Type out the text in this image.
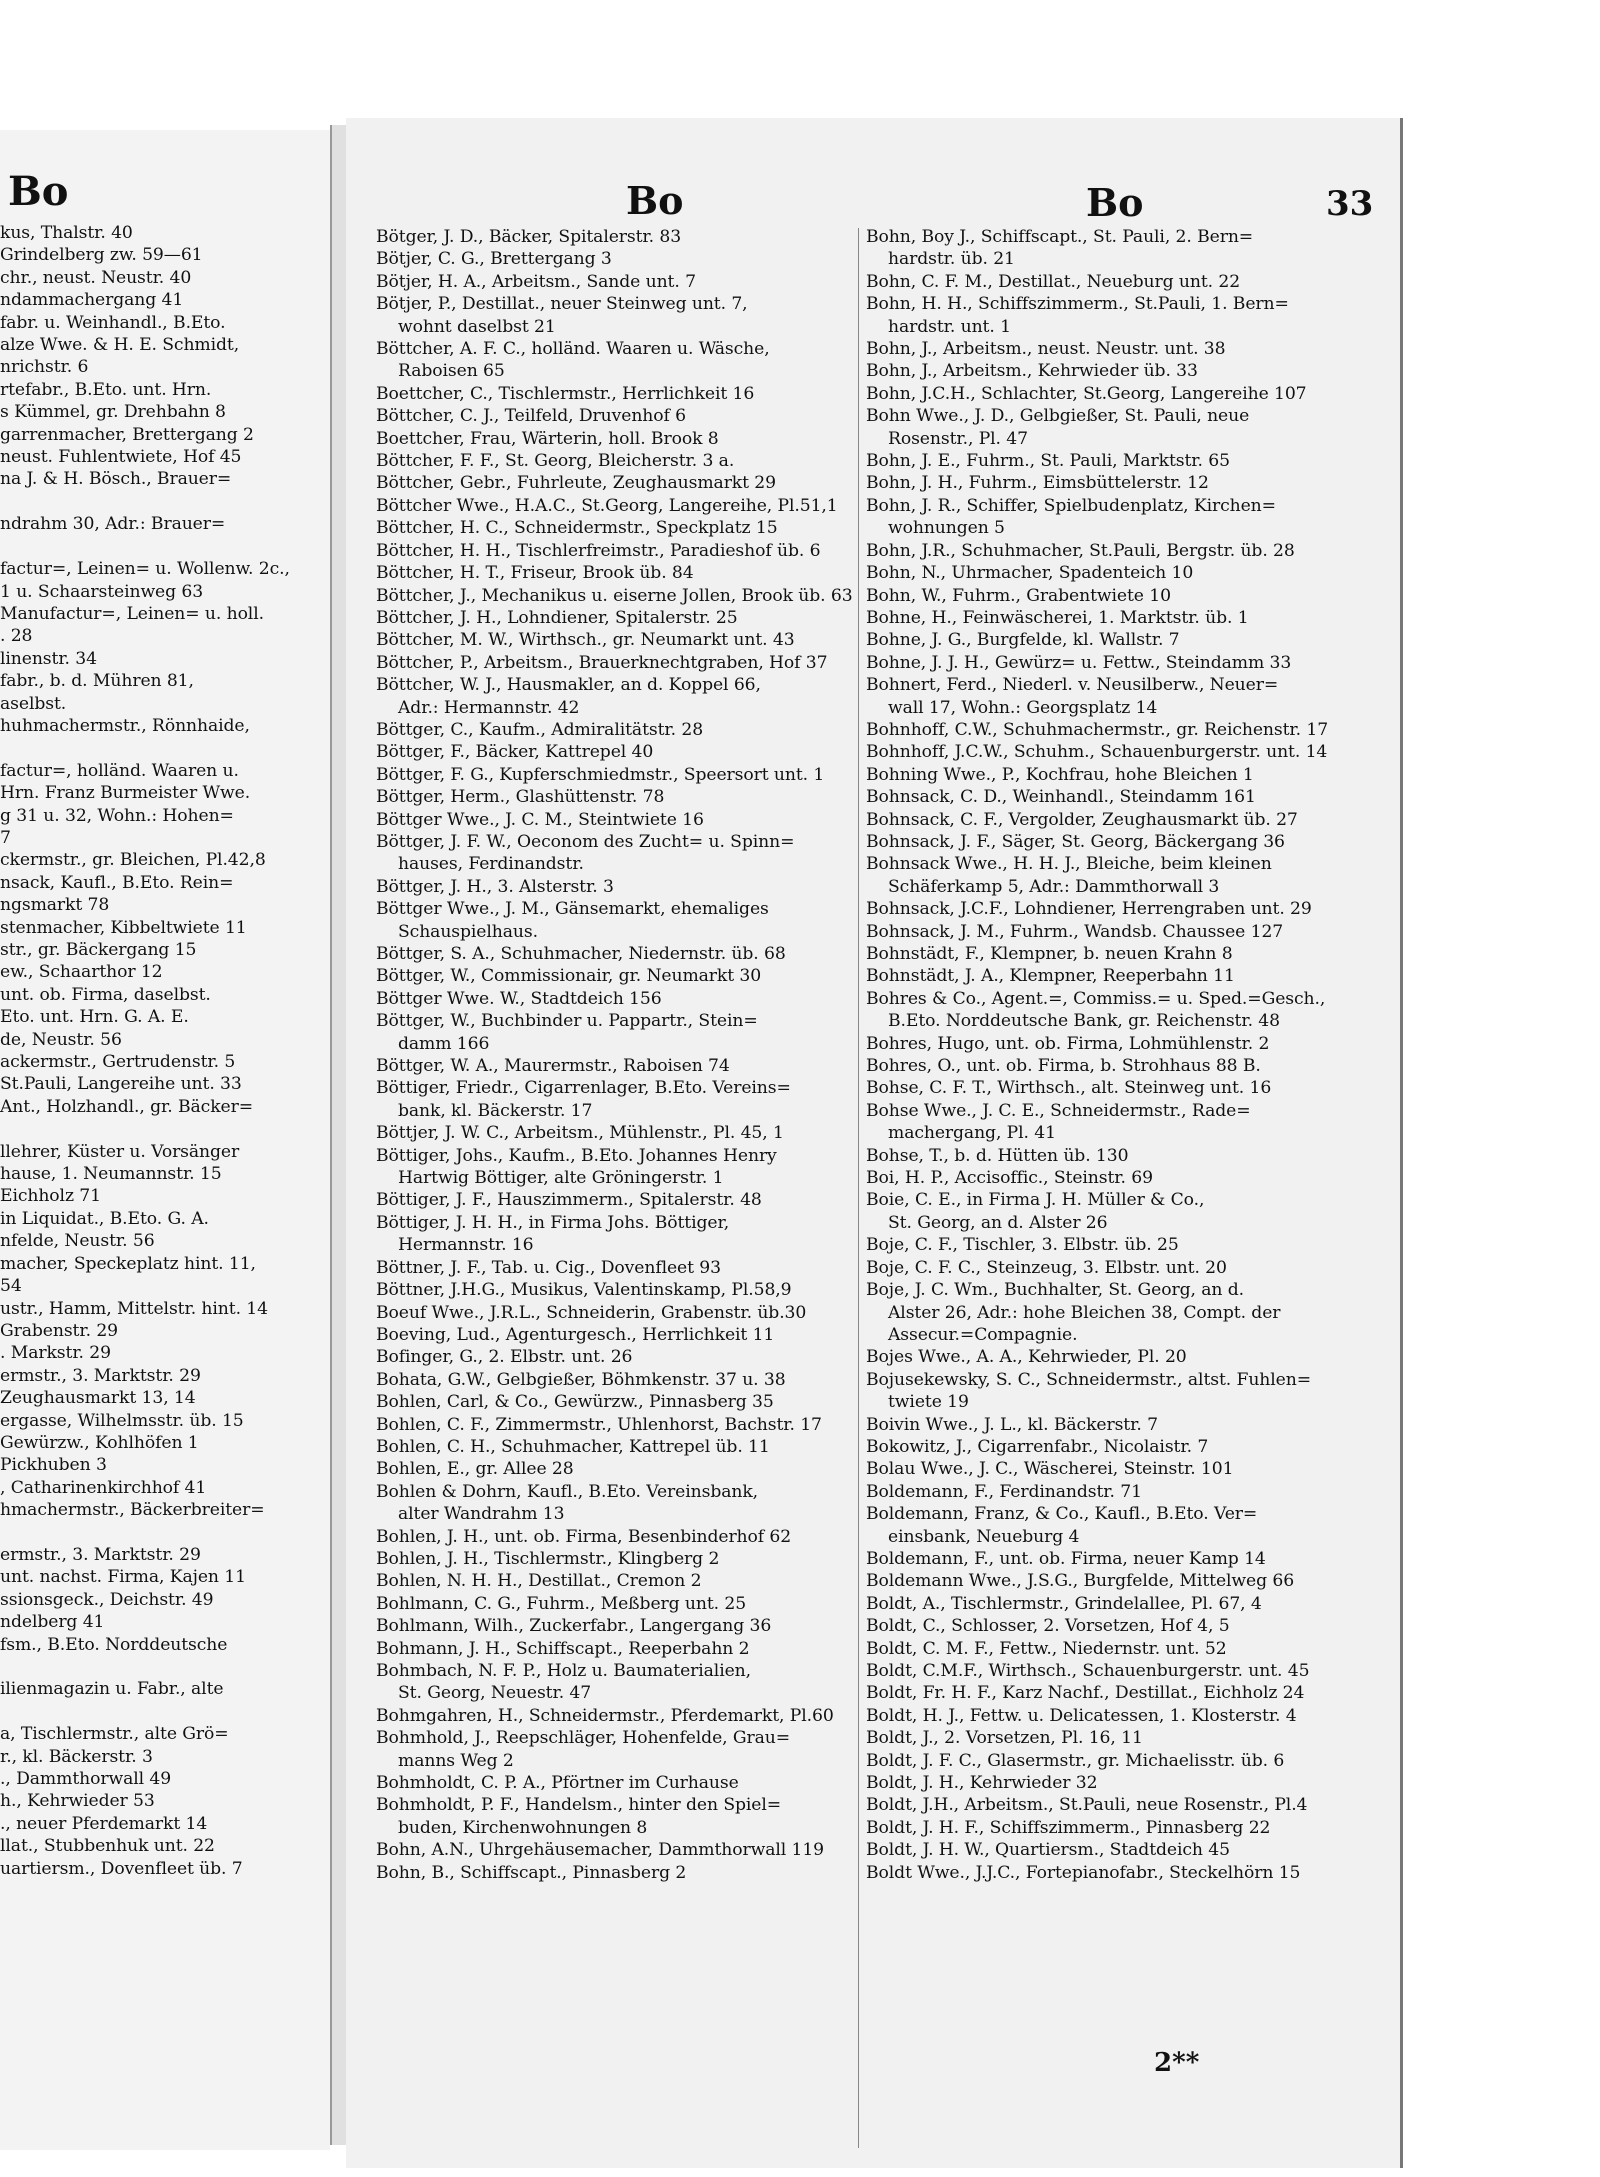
Bo
kus, Thalstr. 40
Grindelberg zw. 59—61
chr., neust. Neustr. 40
ndammachergang 41
fabr. u. Weinhandl., B.Eto.
alze Wwe. & H. E. Schmidt,
nrichstr. 6
rtefabr., B.Eto. unt. Hrn.
s Kümmel, gr. Drehbahn 8
garrenmacher, Brettergang 2
neust. Fuhlentwiete, Hof 45
na J. & H. Bösch., Brauer=

ndrahm 30, Adr.: Brauer=

factur=, Leinen= u. Wollenw. 2c.,
1 u. Schaarsteinweg 63
Manufactur=, Leinen= u. holl.
. 28
linenstr. 34
fabr., b. d. Mühren 81,
aselbst.
huhmachermstr., Rönnhaide,

factur=, holländ. Waaren u.
Hrn. Franz Burmeister Wwe.
g 31 u. 32, Wohn.: Hohen=
7
ckermstr., gr. Bleichen, Pl.42,8
nsack, Kaufl., B.Eto. Rein=
ngsmarkt 78
stenmacher, Kibbeltwiete 11
str., gr. Bäckergang 15
ew., Schaarthor 12
unt. ob. Firma, daselbst.
Eto. unt. Hrn. G. A. E.
de, Neustr. 56
ackermstr., Gertrudenstr. 5
St.Pauli, Langereihe unt. 33
Ant., Holzhandl., gr. Bäcker=

llehrer, Küster u. Vorsänger
hause, 1. Neumannstr. 15
Eichholz 71
in Liquidat., B.Eto. G. A.
nfelde, Neustr. 56
macher, Speckeplatz hint. 11,
54
ustr., Hamm, Mittelstr. hint. 14
Grabenstr. 29
. Markstr. 29
ermstr., 3. Marktstr. 29
Zeughausmarkt 13, 14
ergasse, Wilhelmsstr. üb. 15
Gewürzw., Kohlhöfen 1
Pickhuben 3
, Catharinenkirchhof 41
hmachermstr., Bäckerbreiter=

ermstr., 3. Marktstr. 29
unt. nachst. Firma, Kajen 11
ssionsgeck., Deichstr. 49
ndelberg 41
fsm., B.Eto. Norddeutsche

ilienmagazin u. Fabr., alte

a, Tischlermstr., alte Grö=
r., kl. Bäckerstr. 3
., Dammthorwall 49
h., Kehrwieder 53
., neuer Pferdemarkt 14
llat., Stubbenhuk unt. 22
uartiersm., Dovenfleet üb. 7
Bo	Bo	33
Bötger, J. D., Bäcker, Spitalerstr. 83
Bötjer, C. G., Brettergang 3
Bötjer, H. A., Arbeitsm., Sande unt. 7
Bötjer, P., Destillat., neuer Steinweg unt. 7,
wohnt daselbst 21
Böttcher, A. F. C., holländ. Waaren u. Wäsche,
Raboisen 65
Boettcher, C., Tischlermstr., Herrlichkeit 16
Böttcher, C. J., Teilfeld, Druvenhof 6
Boettcher, Frau, Wärterin, holl. Brook 8
Böttcher, F. F., St. Georg, Bleicherstr. 3 a.
Böttcher, Gebr., Fuhrleute, Zeughausmarkt 29
Böttcher Wwe., H.A.C., St.Georg, Langereihe, Pl.51,1
Böttcher, H. C., Schneidermstr., Speckplatz 15
Böttcher, H. H., Tischlerfreimstr., Paradieshof üb. 6
Böttcher, H. T., Friseur, Brook üb. 84
Böttcher, J., Mechanikus u. eiserne Jollen, Brook üb. 63
Böttcher, J. H., Lohndiener, Spitalerstr. 25
Böttcher, M. W., Wirthsch., gr. Neumarkt unt. 43
Böttcher, P., Arbeitsm., Brauerknechtgraben, Hof 37
Böttcher, W. J., Hausmakler, an d. Koppel 66,
Adr.: Hermannstr. 42
Böttger, C., Kaufm., Admiralitätstr. 28
Böttger, F., Bäcker, Kattrepel 40
Böttger, F. G., Kupferschmiedmstr., Speersort unt. 1
Böttger, Herm., Glashüttenstr. 78
Böttger Wwe., J. C. M., Steintwiete 16
Böttger, J. F. W., Oeconom des Zucht= u. Spinn=
hauses, Ferdinandstr.
Böttger, J. H., 3. Alsterstr. 3
Böttger Wwe., J. M., Gänsemarkt, ehemaliges
Schauspielhaus.
Böttger, S. A., Schuhmacher, Niedernstr. üb. 68
Böttger, W., Commissionair, gr. Neumarkt 30
Böttger Wwe. W., Stadtdeich 156
Böttger, W., Buchbinder u. Pappartr., Stein=
damm 166
Böttger, W. A., Maurermstr., Raboisen 74
Böttiger, Friedr., Cigarrenlager, B.Eto. Vereins=
bank, kl. Bäckerstr. 17
Böttjer, J. W. C., Arbeitsm., Mühlenstr., Pl. 45, 1
Böttiger, Johs., Kaufm., B.Eto. Johannes Henry
Hartwig Böttiger, alte Gröningerstr. 1
Böttiger, J. F., Hauszimmerm., Spitalerstr. 48
Böttiger, J. H. H., in Firma Johs. Böttiger,
Hermannstr. 16
Böttner, J. F., Tab. u. Cig., Dovenfleet 93
Böttner, J.H.G., Musikus, Valentinskamp, Pl.58,9
Boeuf Wwe., J.R.L., Schneiderin, Grabenstr. üb.30
Boeving, Lud., Agenturgesch., Herrlichkeit 11
Bofinger, G., 2. Elbstr. unt. 26
Bohata, G.W., Gelbgießer, Böhmkenstr. 37 u. 38
Bohlen, Carl, & Co., Gewürzw., Pinnasberg 35
Bohlen, C. F., Zimmermstr., Uhlenhorst, Bachstr. 17
Bohlen, C. H., Schuhmacher, Kattrepel üb. 11
Bohlen, E., gr. Allee 28
Bohlen & Dohrn, Kaufl., B.Eto. Vereinsbank,
alter Wandrahm 13
Bohlen, J. H., unt. ob. Firma, Besenbinderhof 62
Bohlen, J. H., Tischlermstr., Klingberg 2
Bohlen, N. H. H., Destillat., Cremon 2
Bohlmann, C. G., Fuhrm., Meßberg unt. 25
Bohlmann, Wilh., Zuckerfabr., Langergang 36
Bohmann, J. H., Schiffscapt., Reeperbahn 2
Bohmbach, N. F. P., Holz u. Baumaterialien,
St. Georg, Neuestr. 47
Bohmgahren, H., Schneidermstr., Pferdemarkt, Pl.60
Bohmhold, J., Reepschläger, Hohenfelde, Grau=
manns Weg 2
Bohmholdt, C. P. A., Pförtner im Curhause
Bohmholdt, P. F., Handelsm., hinter den Spiel=
buden, Kirchenwohnungen 8
Bohn, A.N., Uhrgehäusemacher, Dammthorwall 119
Bohn, B., Schiffscapt., Pinnasberg 2
Bohn, Boy J., Schiffscapt., St. Pauli, 2. Bern=
hardstr. üb. 21
Bohn, C. F. M., Destillat., Neueburg unt. 22
Bohn, H. H., Schiffszimmerm., St.Pauli, 1. Bern=
hardstr. unt. 1
Bohn, J., Arbeitsm., neust. Neustr. unt. 38
Bohn, J., Arbeitsm., Kehrwieder üb. 33
Bohn, J.C.H., Schlachter, St.Georg, Langereihe 107
Bohn Wwe., J. D., Gelbgießer, St. Pauli, neue
Rosenstr., Pl. 47
Bohn, J. E., Fuhrm., St. Pauli, Marktstr. 65
Bohn, J. H., Fuhrm., Eimsbüttelerstr. 12
Bohn, J. R., Schiffer, Spielbudenplatz, Kirchen=
wohnungen 5
Bohn, J.R., Schuhmacher, St.Pauli, Bergstr. üb. 28
Bohn, N., Uhrmacher, Spadenteich 10
Bohn, W., Fuhrm., Grabentwiete 10
Bohne, H., Feinwäscherei, 1. Marktstr. üb. 1
Bohne, J. G., Burgfelde, kl. Wallstr. 7
Bohne, J. J. H., Gewürz= u. Fettw., Steindamm 33
Bohnert, Ferd., Niederl. v. Neusilberw., Neuer=
wall 17, Wohn.: Georgsplatz 14
Bohnhoff, C.W., Schuhmachermstr., gr. Reichenstr. 17
Bohnhoff, J.C.W., Schuhm., Schauenburgerstr. unt. 14
Bohning Wwe., P., Kochfrau, hohe Bleichen 1
Bohnsack, C. D., Weinhandl., Steindamm 161
Bohnsack, C. F., Vergolder, Zeughausmarkt üb. 27
Bohnsack, J. F., Säger, St. Georg, Bäckergang 36
Bohnsack Wwe., H. H. J., Bleiche, beim kleinen
Schäferkamp 5, Adr.: Dammthorwall 3
Bohnsack, J.C.F., Lohndiener, Herrengraben unt. 29
Bohnsack, J. M., Fuhrm., Wandsb. Chaussee 127
Bohnstädt, F., Klempner, b. neuen Krahn 8
Bohnstädt, J. A., Klempner, Reeperbahn 11
Bohres & Co., Agent.=, Commiss.= u. Sped.=Gesch.,
B.Eto. Norddeutsche Bank, gr. Reichenstr. 48
Bohres, Hugo, unt. ob. Firma, Lohmühlenstr. 2
Bohres, O., unt. ob. Firma, b. Strohhaus 88 B.
Bohse, C. F. T., Wirthsch., alt. Steinweg unt. 16
Bohse Wwe., J. C. E., Schneidermstr., Rade=
machergang, Pl. 41
Bohse, T., b. d. Hütten üb. 130
Boi, H. P., Accisoffic., Steinstr. 69
Boie, C. E., in Firma J. H. Müller & Co.,
St. Georg, an d. Alster 26
Boje, C. F., Tischler, 3. Elbstr. üb. 25
Boje, C. F. C., Steinzeug, 3. Elbstr. unt. 20
Boje, J. C. Wm., Buchhalter, St. Georg, an d.
Alster 26, Adr.: hohe Bleichen 38, Compt. der
Assecur.=Compagnie.
Bojes Wwe., A. A., Kehrwieder, Pl. 20
Bojusekewsky, S. C., Schneidermstr., altst. Fuhlen=
twiete 19
Boivin Wwe., J. L., kl. Bäckerstr. 7
Bokowitz, J., Cigarrenfabr., Nicolaistr. 7
Bolau Wwe., J. C., Wäscherei, Steinstr. 101
Boldemann, F., Ferdinandstr. 71
Boldemann, Franz, & Co., Kaufl., B.Eto. Ver=
einsbank, Neueburg 4
Boldemann, F., unt. ob. Firma, neuer Kamp 14
Boldemann Wwe., J.S.G., Burgfelde, Mittelweg 66
Boldt, A., Tischlermstr., Grindelallee, Pl. 67, 4
Boldt, C., Schlosser, 2. Vorsetzen, Hof 4, 5
Boldt, C. M. F., Fettw., Niedernstr. unt. 52
Boldt, C.M.F., Wirthsch., Schauenburgerstr. unt. 45
Boldt, Fr. H. F., Karz Nachf., Destillat., Eichholz 24
Boldt, H. J., Fettw. u. Delicatessen, 1. Klosterstr. 4
Boldt, J., 2. Vorsetzen, Pl. 16, 11
Boldt, J. F. C., Glasermstr., gr. Michaelisstr. üb. 6
Boldt, J. H., Kehrwieder 32
Boldt, J.H., Arbeitsm., St.Pauli, neue Rosenstr., Pl.4
Boldt, J. H. F., Schiffszimmerm., Pinnasberg 22
Boldt, J. H. W., Quartiersm., Stadtdeich 45
Boldt Wwe., J.J.C., Fortepianofabr., Steckelhörn 15
2**
